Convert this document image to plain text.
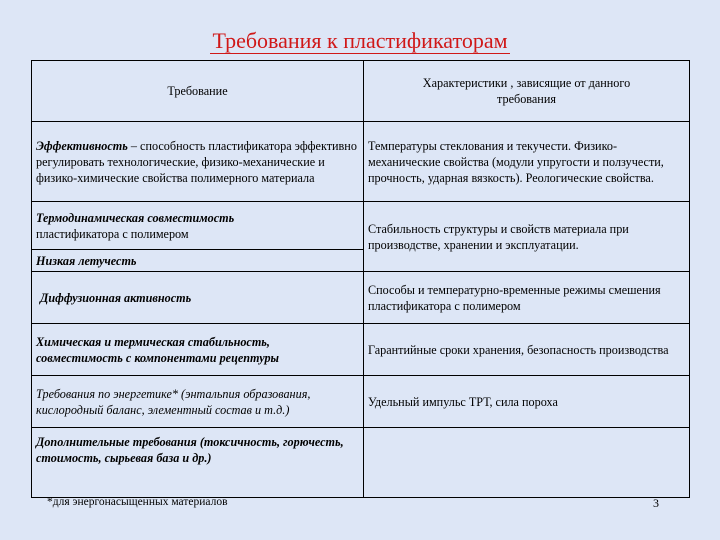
Требования к пластификаторам
Требование	Характеристики , зависящие от данного требования
Эффективность – способность пластификатора эффективно регулировать технологические, физико-механические и физико-химические свойства полимерного материала	Температуры стеклования и текучести. Физико-механические свойства (модули упругости и ползучести, прочность, ударная вязкость). Реологические свойства.
Термодинамическая совместимость
пластификатора с полимером	Стабильность структуры и свойств материала при производстве, хранении и эксплуатации.
Низкая летучесть	
Диффузионная активность	Способы и температурно-временные режимы смешения пластификатора с полимером
Химическая и термическая стабильность, совместимость с компонентами рецептуры	Гарантийные сроки хранения, безопасность производства
Требования по энергетике* (энтальпия образования, кислородный баланс, элементный состав и т.д.)	Удельный импульс ТРТ, сила пороха
Дополнительные требования (токсичность, горючесть, стоимость, сырьевая база и др.)	
*для энергонасыщенных материалов	3
